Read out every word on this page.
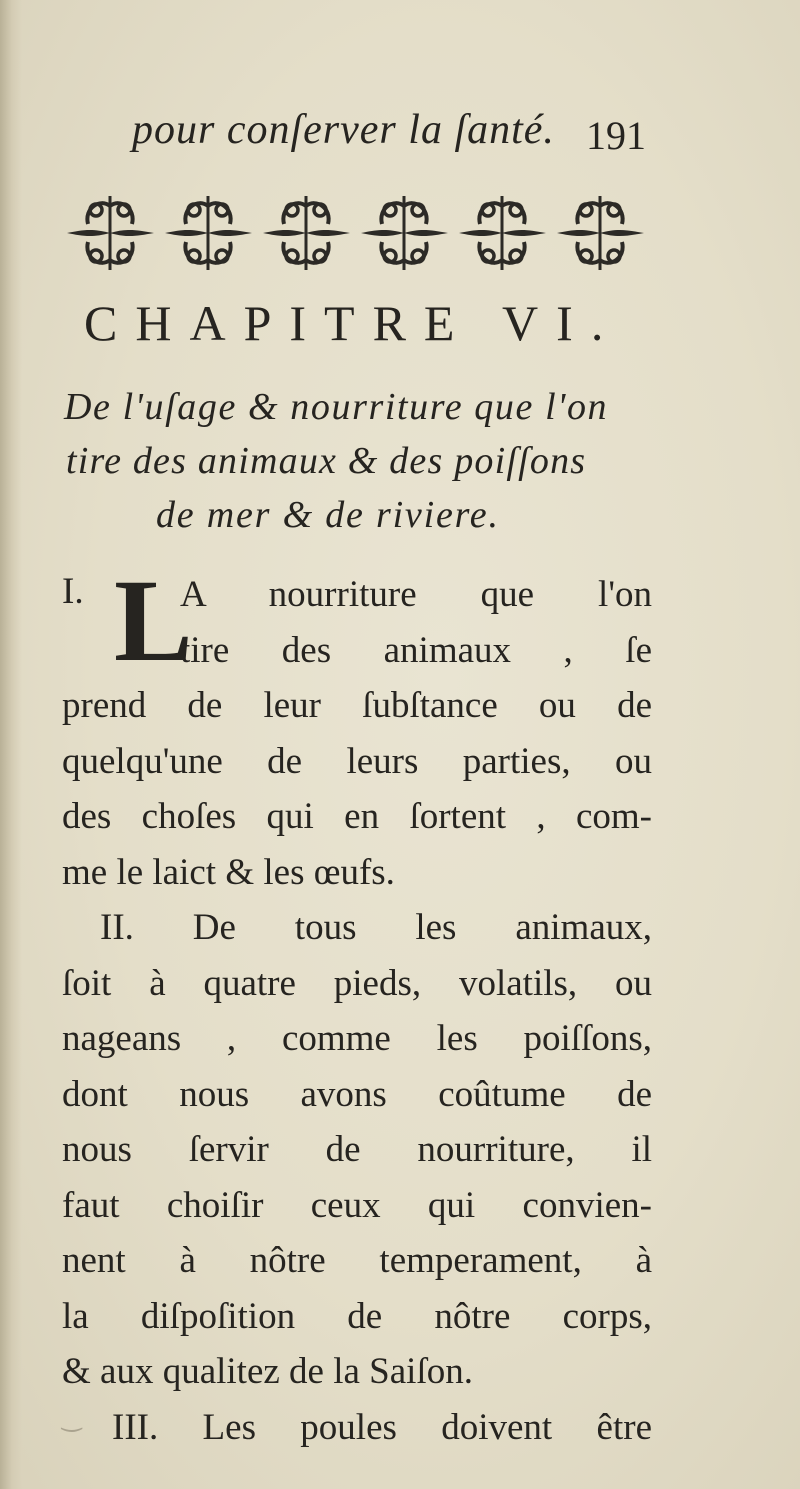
pour conſerver la ſanté. 191
CHAPITRE VI.
De l'uſage & nourriture que l'on
tire des animaux & des poiſſons
de mer & de riviere.
I. L
A nourriture que l'on
tire des animaux , ſe
prend de leur ſubſtance ou de
quelqu'une de leurs parties, ou
des choſes qui en ſortent , com-
me le laict & les œufs.
II. De tous les animaux,
ſoit à quatre pieds, volatils, ou
nageans , comme les poiſſons,
dont nous avons coûtume de
nous ſervir de nourriture, il
faut choiſir ceux qui convien-
nent à nôtre temperament, à
la diſpoſition de nôtre corps,
& aux qualitez de la Saiſon.
III. Les poules doivent être
‿
